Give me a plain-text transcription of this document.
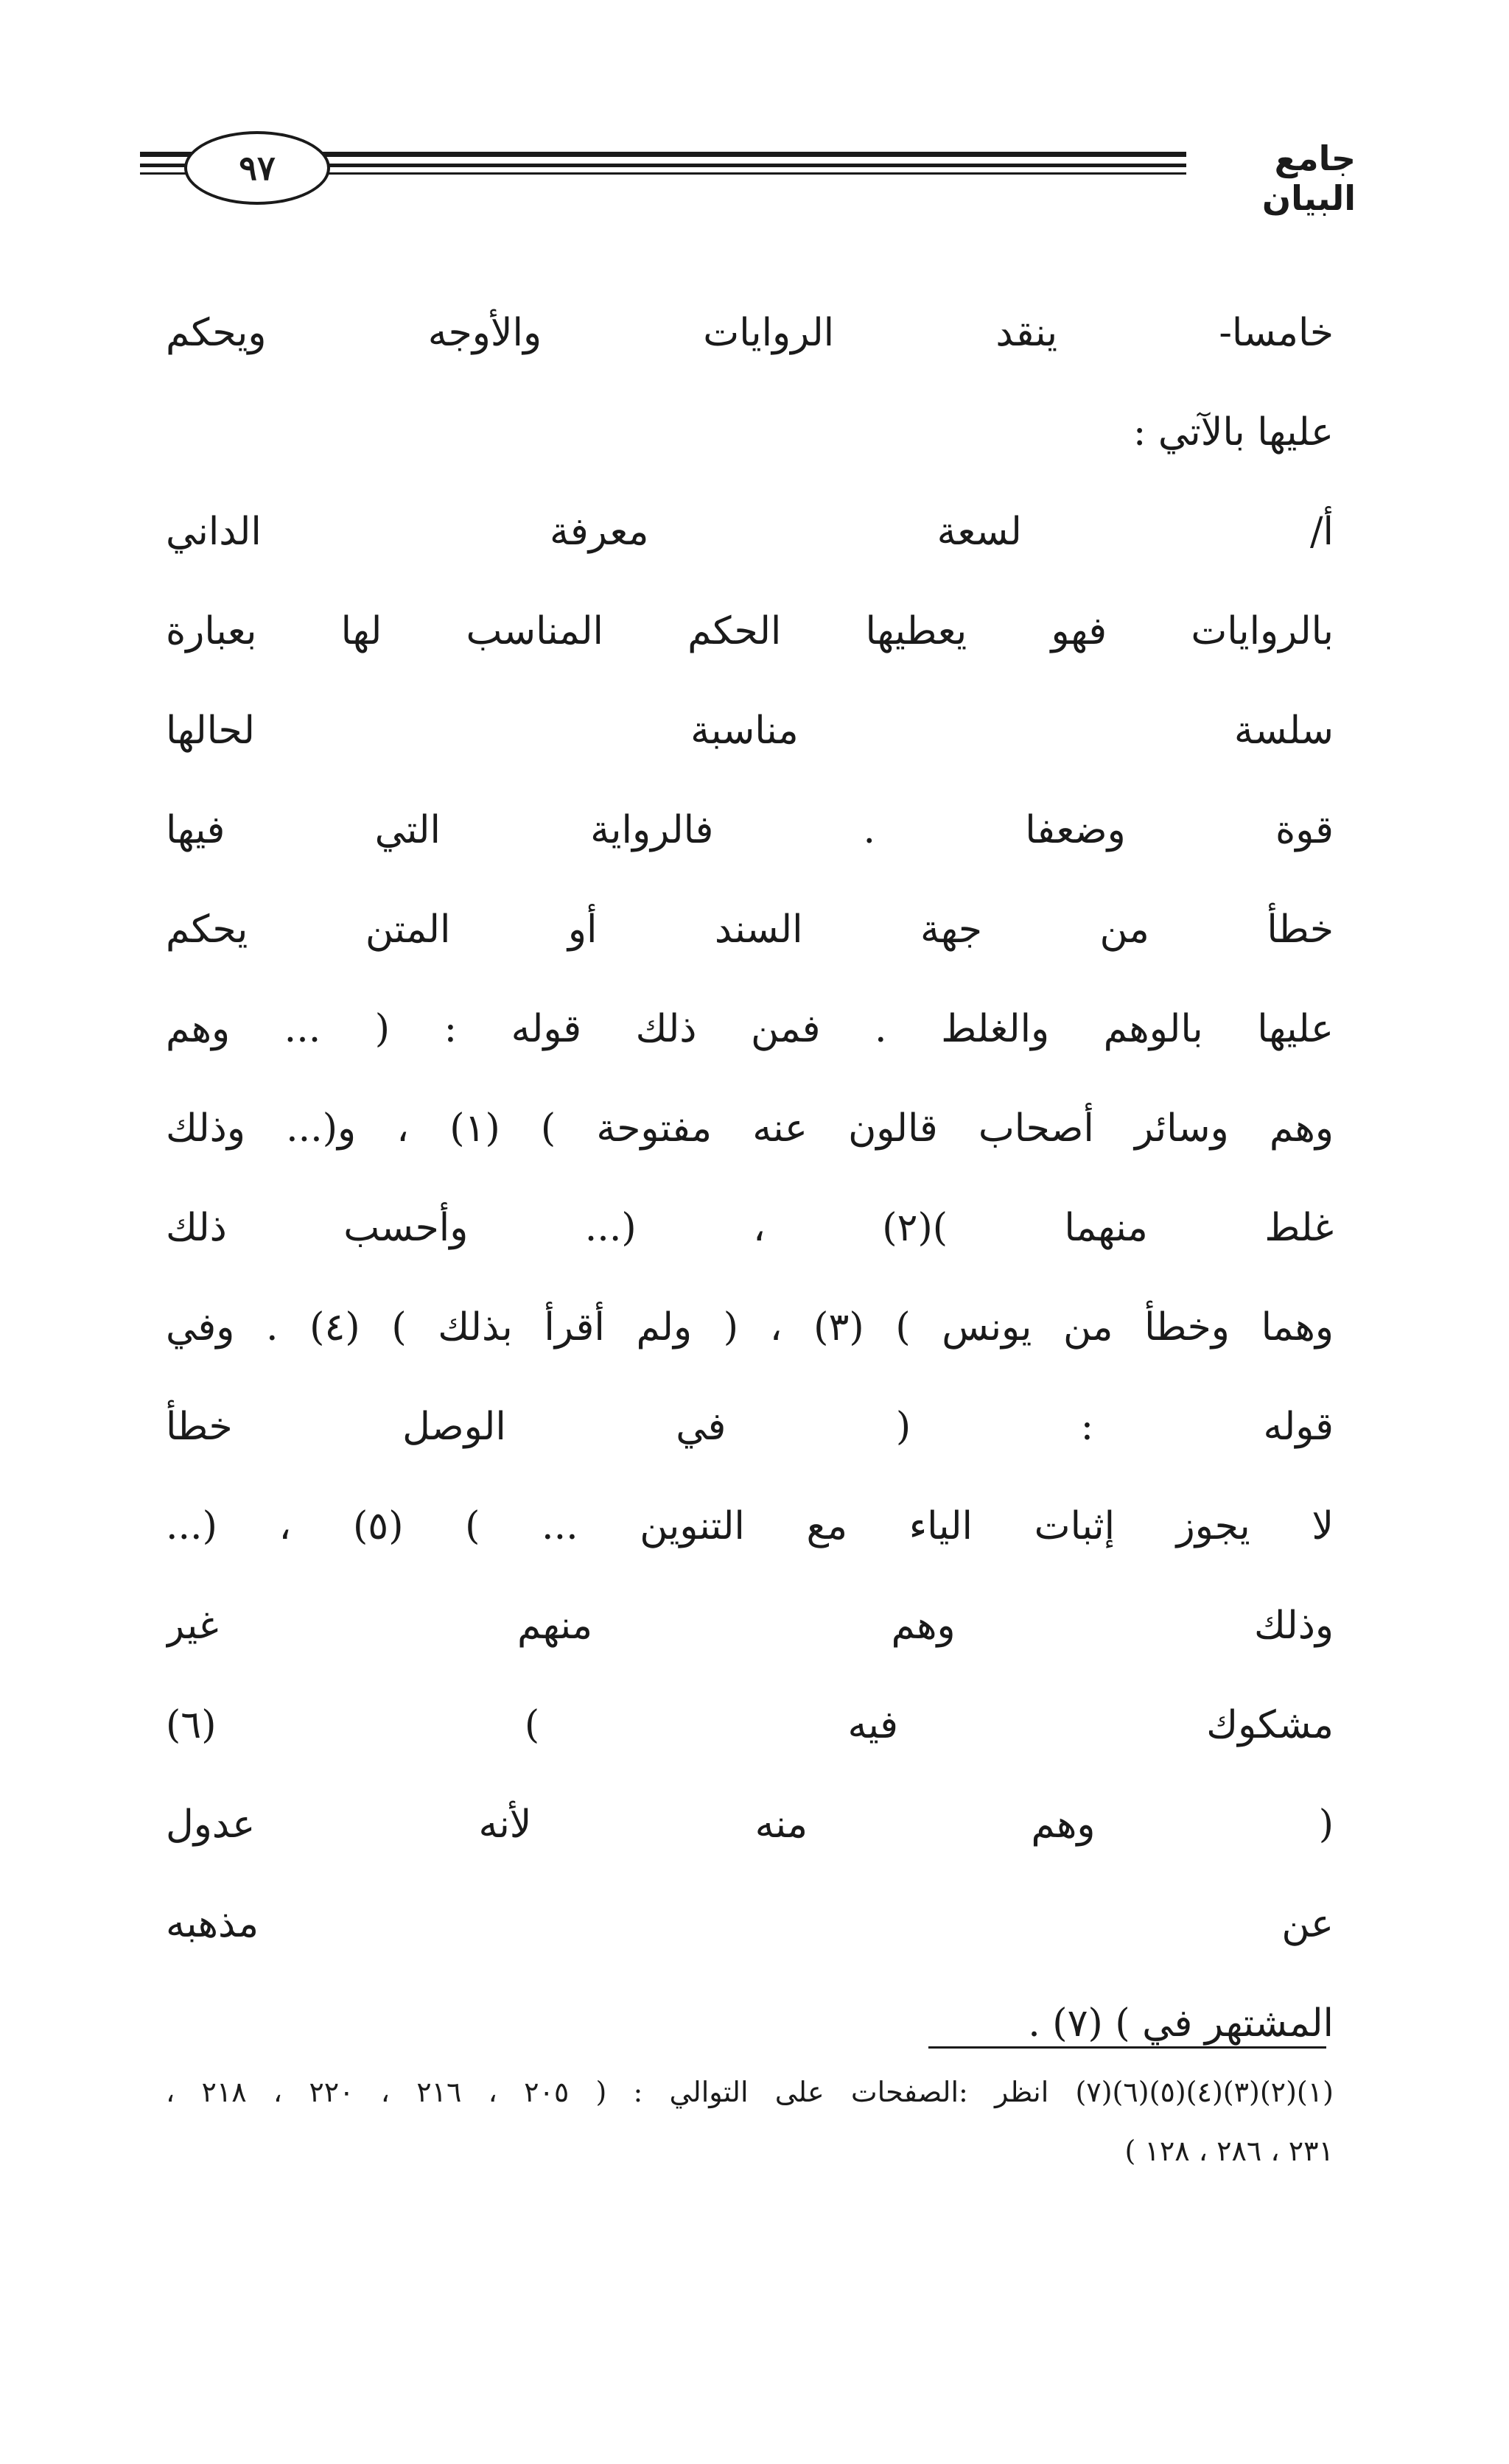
٩٧	جامع البيان
خامسا- ينقد الروايات والأوجه ويحكم
عليها بالآتي :
أ/ لسعة معرفة الداني
بالروايات فهو يعطيها الحكم المناسب لها بعبارة
سلسة مناسبة لحالها
قوة وضعفا . فالرواية التي فيها
خطأ من جهة السند أو المتن يحكم
عليها بالوهم والغلط . فمن ذلك قوله : ( ... وهم
وهم وسائر أصحاب قالون عنه مفتوحة ) (١) ، و(... وذلك
غلط منهما )(٢) ، (... وأحسب ذلك
وهما وخطأ من يونس ) (٣) ، ( ولم أقرأ بذلك ) (٤) . وفي
قوله : ( في الوصل خطأ
لا يجوز إثبات الياء مع التنوين ... ) (٥) ، (...
وذلك وهم منهم غير
مشكوك فيه ) (٦)
( وهم منه لأنه عدول
عن مذهبه
المشتهر في ) (٧) .
(١)(٢)(٣)(٤)(٥)(٦)(٧) انظر :الصفحات على التوالي : ( ٢٠٥ ، ٢١٦ ، ٢٢٠ ، ٢١٨ ،
٢٣١ ، ٢٨٦ ، ١٢٨ )
